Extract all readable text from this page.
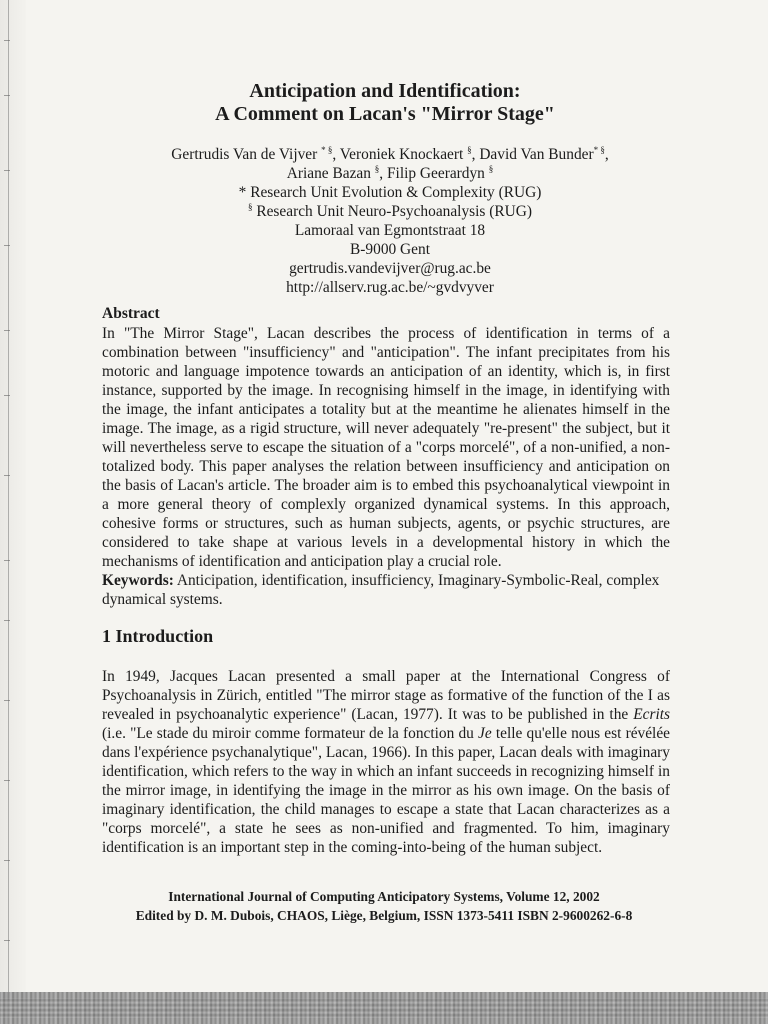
Anticipation and Identification:
A Comment on Lacan's "Mirror Stage"
Gertrudis Van de Vijver * §, Veroniek Knockaert §, David Van Bunder* §,
Ariane Bazan §, Filip Geerardyn §
* Research Unit Evolution & Complexity (RUG)
§ Research Unit Neuro-Psychoanalysis (RUG)
Lamoraal van Egmontstraat 18
B-9000 Gent
gertrudis.vandevijver@rug.ac.be
http://allserv.rug.ac.be/~gvdvyver
Abstract

In "The Mirror Stage", Lacan describes the process of identification in terms of a combination between "insufficiency" and "anticipation". The infant precipitates from his motoric and language impotence towards an anticipation of an identity, which is, in first instance, supported by the image. In recognising himself in the image, in identifying with the image, the infant anticipates a totality but at the meantime he alienates himself in the image. The image, as a rigid structure, will never adequately "re-present" the subject, but it will nevertheless serve to escape the situation of a "corps morcelé", of a non-unified, a non-totalized body. This paper analyses the relation between insufficiency and anticipation on the basis of Lacan's article. The broader aim is to embed this psychoanalytical viewpoint in a more general theory of complexly organized dynamical systems. In this approach, cohesive forms or structures, such as human subjects, agents, or psychic structures, are considered to take shape at various levels in a developmental history in which the mechanisms of identification and anticipation play a crucial role.

Keywords: Anticipation, identification, insufficiency, Imaginary-Symbolic-Real, complex dynamical systems.

1 Introduction

In 1949, Jacques Lacan presented a small paper at the International Congress of Psychoanalysis in Zürich, entitled "The mirror stage as formative of the function of the I as revealed in psychoanalytic experience" (Lacan, 1977). It was to be published in the Ecrits (i.e. "Le stade du miroir comme formateur de la fonction du Je telle qu'elle nous est révélée dans l'expérience psychanalytique", Lacan, 1966). In this paper, Lacan deals with imaginary identification, which refers to the way in which an infant succeeds in recognizing himself in the mirror image, in identifying the image in the mirror as his own image. On the basis of imaginary identification, the child manages to escape a state that Lacan characterizes as a "corps morcelé", a state he sees as non-unified and fragmented. To him, imaginary identification is an important step in the coming-into-being of the human subject.

International Journal of Computing Anticipatory Systems, Volume 12, 2002
Edited by D. M. Dubois, CHAOS, Liège, Belgium, ISSN 1373-5411 ISBN 2-9600262-6-8
